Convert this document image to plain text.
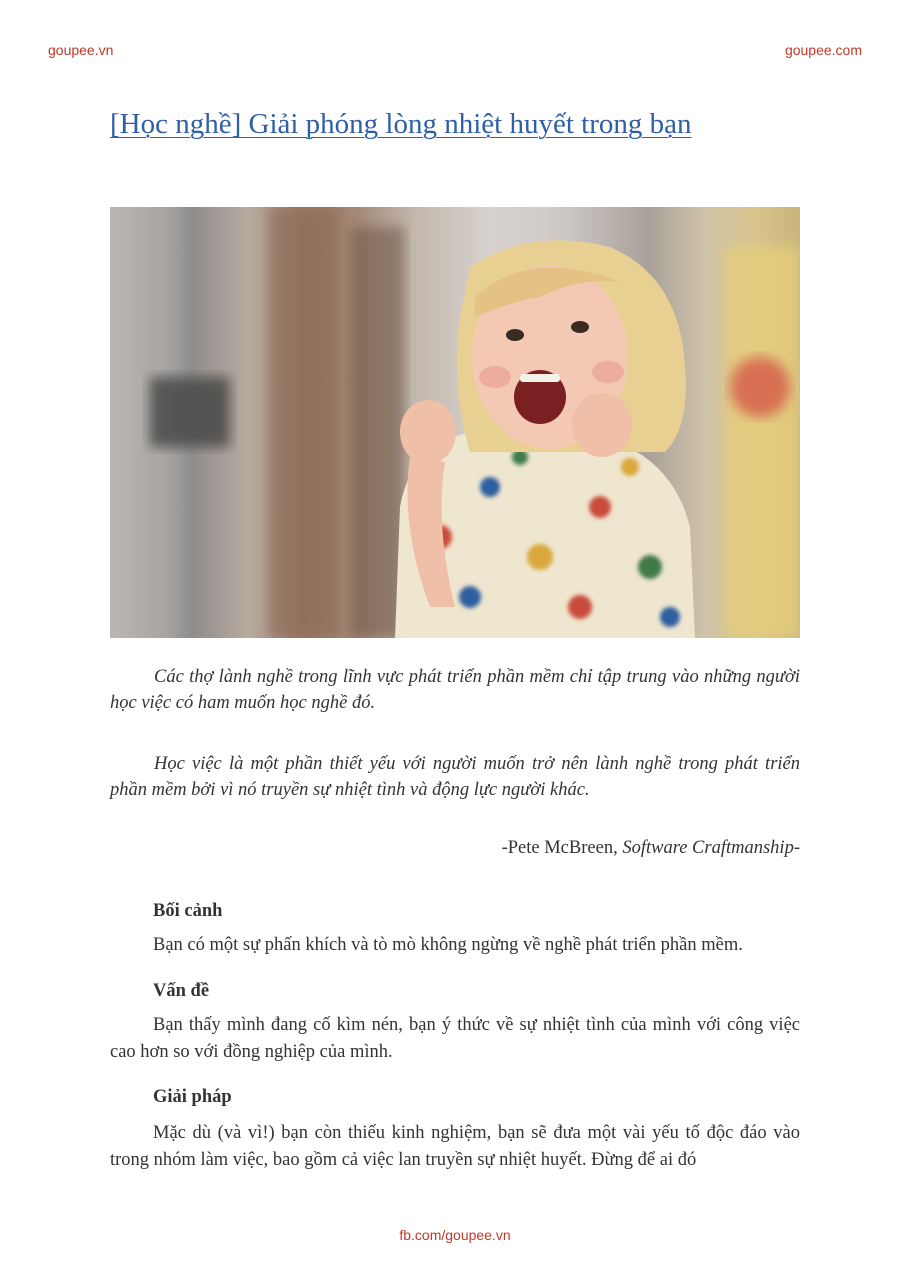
goupee.vn	goupee.com
[Học nghề] Giải phóng lòng nhiệt huyết trong bạn
Các thợ lành nghề trong lĩnh vực phát triển phần mềm chỉ tập trung vào những người học việc có ham muốn học nghề đó.
Học việc là một phần thiết yếu với người muốn trở nên lành nghề trong phát triển phần mềm bởi vì nó truyền sự nhiệt tình và động lực người khác.
-Pete McBreen, Software Craftmanship-
Bối cảnh
Bạn có một sự phấn khích và tò mò không ngừng về nghề phát triển phần mềm.
Vấn đề
Bạn thấy mình đang cố kìm nén, bạn ý thức về sự nhiệt tình của mình với công việc cao hơn so với đồng nghiệp của mình.
Giải pháp
Mặc dù (và vì!) bạn còn thiếu kinh nghiệm, bạn sẽ đưa một vài yếu tố độc đáo vào trong nhóm làm việc, bao gồm cả việc lan truyền sự nhiệt huyết. Đừng để ai đó
fb.com/goupee.vn
